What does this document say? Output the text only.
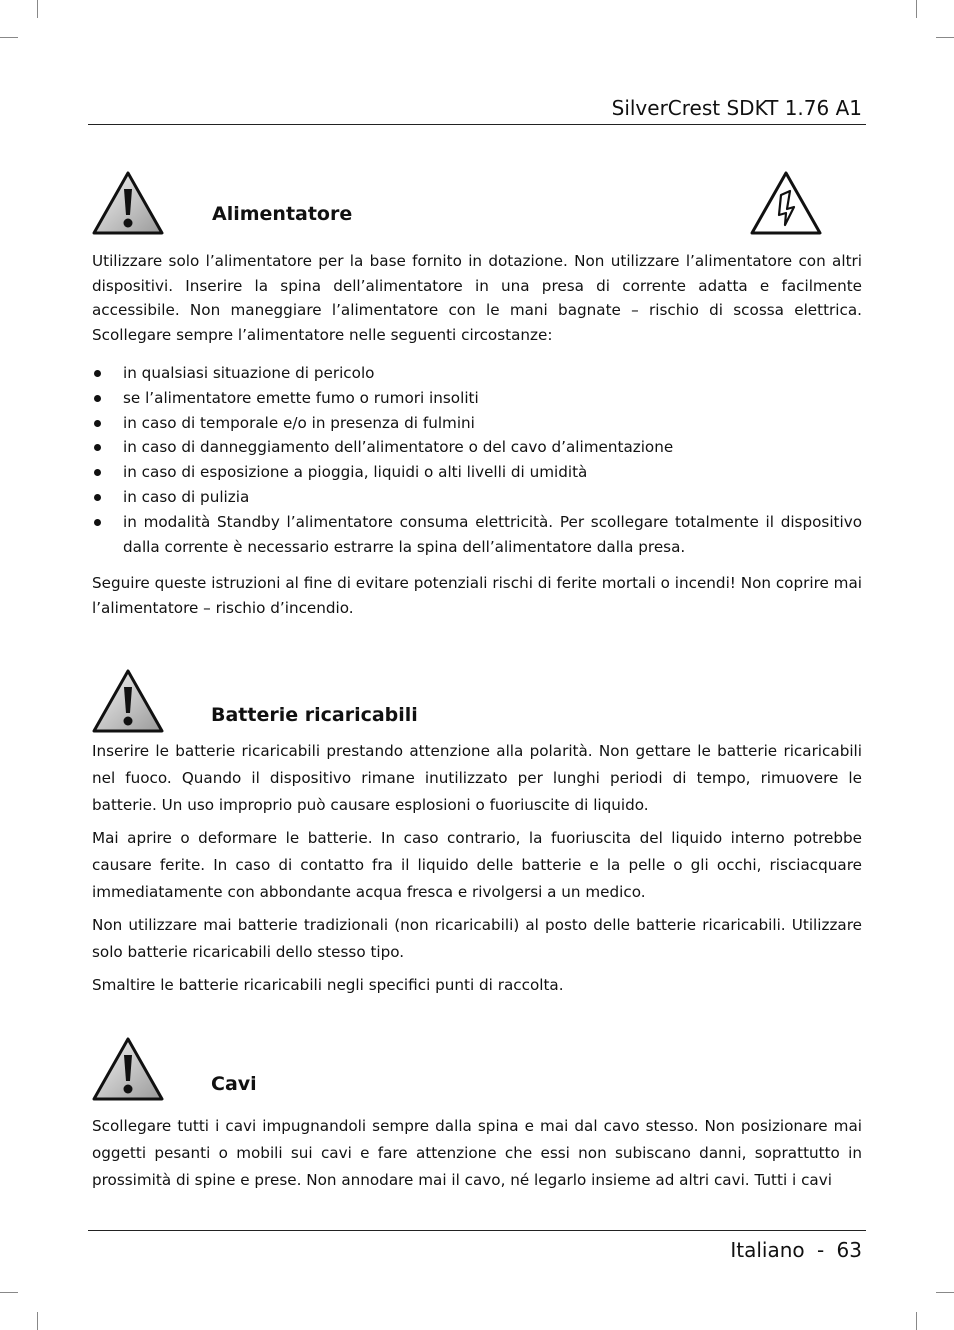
SilverCrest SDKT 1.76 A1
Alimentatore
Utilizzare solo l’alimentatore per la base fornito in dotazione. Non utilizzare l’alimentatore con altri dispositivi. Inserire la spina dell’alimentatore in una presa di corrente adatta e facilmente accessibile. Non maneggiare l’alimentatore con le mani bagnate – rischio di scossa elettrica. Scollegare sempre l’alimentatore nelle seguenti circostanze:
in qualsiasi situazione di pericolo
se l’alimentatore emette fumo o rumori insoliti
in caso di temporale e/o in presenza di fulmini
in caso di danneggiamento dell’alimentatore o del cavo d’alimentazione
in caso di esposizione a pioggia, liquidi o alti livelli di umidità
in caso di pulizia
in modalità Standby l’alimentatore consuma elettricità. Per scollegare totalmente il dispositivo dalla corrente è necessario estrarre la spina dell’alimentatore dalla presa.
Seguire queste istruzioni al fine di evitare potenziali rischi di ferite mortali o incendi! Non coprire mai l’alimentatore – rischio d’incendio.
Batterie ricaricabili
Inserire le batterie ricaricabili prestando attenzione alla polarità. Non gettare le batterie ricaricabili nel fuoco. Quando il dispositivo rimane inutilizzato per lunghi periodi di tempo, rimuovere le batterie. Un uso improprio può causare esplosioni o fuoriuscite di liquido.
Mai aprire o deformare le batterie. In caso contrario, la fuoriuscita del liquido interno potrebbe causare ferite. In caso di contatto fra il liquido delle batterie e la pelle o gli occhi, risciacquare immediatamente con abbondante acqua fresca e rivolgersi a un medico.
Non utilizzare mai batterie tradizionali (non ricaricabili) al posto delle batterie ricaricabili. Utilizzare solo batterie ricaricabili dello stesso tipo.
Smaltire le batterie ricaricabili negli specifici punti di raccolta.
Cavi
Scollegare tutti i cavi impugnandoli sempre dalla spina e mai dal cavo stesso. Non posizionare mai oggetti pesanti o mobili sui cavi e fare attenzione che essi non subiscano danni, soprattutto in prossimità di spine e prese. Non annodare mai il cavo, né legarlo insieme ad altri cavi. Tutti i cavi
Italiano - 63
